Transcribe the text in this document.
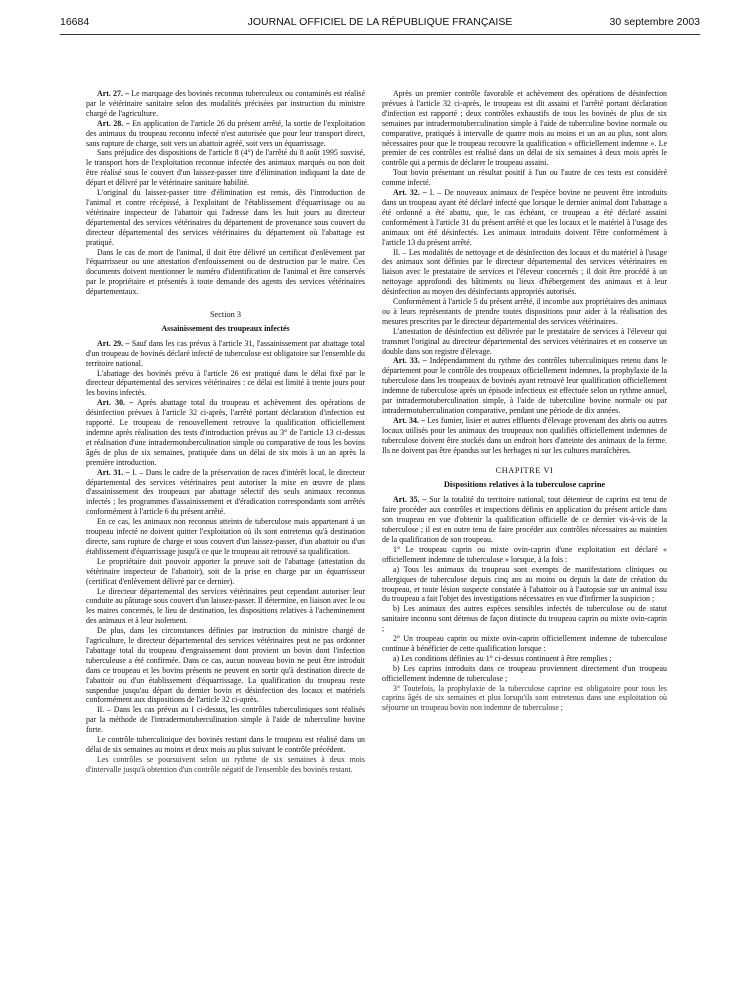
16684	JOURNAL OFFICIEL DE LA RÉPUBLIQUE FRANÇAISE	30 septembre 2003

Art. 27. – Le marquage des bovinés reconnus tuberculeux ou contaminés est réalisé par le vétérinaire sanitaire selon des modalités précisées par instruction du ministre chargé de l'agriculture.

Art. 28. – En application de l'article 26 du présent arrêté, la sortie de l'exploitation des animaux du troupeau reconnu infecté n'est autorisée que pour leur transport direct, sans rupture de charge, soit vers un abattoir agréé, soit vers un équarrissage.

Sans préjudice des dispositions de l'article 8 (4°) de l'arrêté du 8 août 1995 susvisé, le transport hors de l'exploitation reconnue infectée des animaux marqués ou non doit être réalisé sous le couvert d'un laissez-passer titre d'élimination indiquant la date de départ et délivré par le vétérinaire sanitaire habilité.

L'original du laissez-passer titre d'élimination est remis, dès l'introduction de l'animal et contre récépissé, à l'exploitant de l'établissement d'équarrissage ou au vétérinaire inspecteur de l'abattoir qui l'adresse dans les huit jours au directeur départemental des services vétérinaires du département de provenance sous couvert du directeur départemental des services vétérinaires du département où l'abattage est pratiqué.

Dans le cas de mort de l'animal, il doit être délivré un certificat d'enlèvement par l'équarrisseur ou une attestation d'enfouissement ou de destruction par le maire. Ces documents doivent mentionner le numéro d'identification de l'animal et être conservés par le propriétaire et présentés à toute demande des agents des services vétérinaires départementaux.

Section 3

Assainissement des troupeaux infectés

Art. 29. – Sauf dans les cas prévus à l'article 31, l'assainissement par abattage total d'un troupeau de bovinés déclaré infecté de tuberculose est obligatoire sur l'ensemble du territoire national.

L'abattage des bovinés prévu à l'article 26 est pratiqué dans le délai fixé par le directeur départemental des services vétérinaires : ce délai est limité à trente jours pour les bovins infectés.

Art. 30. – Après abattage total du troupeau et achèvement des opérations de désinfection prévues à l'article 32 ci-après, l'arrêté portant déclaration d'infection est rapporté. Le troupeau de renouvellement retrouve la qualification officiellement indemne après réalisation des tests d'introduction prévus au 3° de l'article 13 ci-dessus et réalisation d'une intradermotuberculination simple ou comparative de tous les bovins âgés de plus de six semaines, pratiquée dans un délai de six mois à un an après la première introduction.

Art. 31. – I. – Dans le cadre de la préservation de races d'intérêt local, le directeur départemental des services vétérinaires peut autoriser la mise en œuvre de plans d'assainissement des troupeaux par abattage sélectif des seuls animaux reconnus infectés ; les programmes d'assainissement et d'éradication correspondants sont arrêtés conformément à l'article 6 du présent arrêté.

En ce cas, les animaux non reconnus atteints de tuberculose mais appartenant à un troupeau infecté ne doivent quitter l'exploitation où ils sont entretenus qu'à destination directe, sans rupture de charge et sous couvert d'un laissez-passer, d'un abattoir ou d'un établissement d'équarrissage jusqu'à ce que le troupeau ait retrouvé sa qualification.

Le propriétaire doit pouvoir apporter la preuve soit de l'abattage (attestation du vétérinaire inspecteur de l'abattoir), soit de la prise en charge par un équarrisseur (certificat d'enlèvement délivré par ce dernier).

Le directeur départemental des services vétérinaires peut cependant autoriser leur conduite au pâturage sous couvert d'un laissez-passer. Il détermine, en liaison avec le ou les maires concernés, le lieu de destination, les dispositions relatives à l'acheminement des animaux et à leur isolement.

De plus, dans les circonstances définies par instruction du ministre chargé de l'agriculture, le directeur départemental des services vétérinaires peut ne pas ordonner l'abattage total du troupeau d'engraissement dont provient un bovin dont l'infection tuberculeuse a été confirmée. Dans ce cas, aucun nouveau bovin ne peut être introduit dans ce troupeau et les bovins présents ne peuvent en sortir qu'à destination directe de l'abattoir ou d'un établissement d'équarrissage. La qualification du troupeau reste suspendue jusqu'au départ du dernier bovin et désinfection des locaux et matériels conformément aux dispositions de l'article 32 ci-après.

II. – Dans les cas prévus au I ci-dessus, les contrôles tuberculiniques sont réalisés par la méthode de l'intradermotuberculination simple à l'aide de tuberculine bovine forte.

Le contrôle tuberculinique des bovinés restant dans le troupeau est réalisé dans un délai de six semaines au moins et deux mois au plus suivant le contrôle précédent.

Les contrôles se poursuivent selon un rythme de six semaines à deux mois d'intervalle jusqu'à obtention d'un contrôle négatif de l'ensemble des bovinés restant.

Après un premier contrôle favorable et achèvement des opérations de désinfection prévues à l'article 32 ci-après, le troupeau est dit assaini et l'arrêté portant déclaration d'infection est rapporté ; deux contrôles exhaustifs de tous les bovinés de plus de six semaines par intradermotuberculination simple à l'aide de tuberculine bovine normale ou comparative, pratiqués à intervalle de quatre mois au moins et un an au plus, sont alors nécessaires pour que le troupeau recouvre la qualification « officiellement indemne ». Le premier de ces contrôles est réalisé dans un délai de six semaines à deux mois après le contrôle qui a permis de déclarer le troupeau assaini.

Tout bovin présentant un résultat positif à l'un ou l'autre de ces tests est considéré comme infecté.

Art. 32. – I. – De nouveaux animaux de l'espèce bovine ne peuvent être introduits dans un troupeau ayant été déclaré infecté que lorsque le dernier animal dont l'abattage a été ordonné a été abattu, que, le cas échéant, ce troupeau a été déclaré assaini conformément à l'article 31 du présent arrêté et que les locaux et le matériel à l'usage des animaux ont été désinfectés. Les animaux introduits doivent l'être conformément à l'article 13 du présent arrêté.

II. – Les modalités de nettoyage et de désinfection des locaux et du matériel à l'usage des animaux sont définies par le directeur départemental des services vétérinaires en liaison avec le prestataire de services et l'éleveur concernés ; il doit être procédé à un nettoyage approfondi des bâtiments ou lieux d'hébergement des animaux et à leur désinfection au moyen des désinfectants appropriés autorisés.

Conformément à l'article 5 du présent arrêté, il incombe aux propriétaires des animaux ou à leurs représentants de prendre toutes dispositions pour aider à la réalisation des mesures prescrites par le directeur départemental des services vétérinaires.

L'attestation de désinfection est délivrée par le prestataire de services à l'éleveur qui transmet l'original au directeur départemental des services vétérinaires et en conserve un double dans son registre d'élevage.

Art. 33. – Indépendamment du rythme des contrôles tuberculiniques retenu dans le département pour le contrôle des troupeaux officiellement indemnes, la prophylaxie de la tuberculose dans les troupeaux de bovinés ayant retrouvé leur qualification officiellement indemne de tuberculose après un épisode infectieux est effectuée selon un rythme annuel, par intradermotuberculination simple, à l'aide de tuberculine bovine normale ou par intradermotuberculination comparative, pendant une période de dix années.

Art. 34. – Les fumier, lisier et autres effluents d'élevage provenant des abris ou autres locaux utilisés pour les animaux des troupeaux non qualifiés officiellement indemnes de tuberculose doivent être stockés dans un endroit hors d'atteinte des animaux de la ferme. Ils ne doivent pas être épandus sur les herbages ni sur les cultures maraîchères.

CHAPITRE VI

Dispositions relatives à la tuberculose caprine

Art. 35. – Sur la totalité du territoire national, tout détenteur de caprins est tenu de faire procéder aux contrôles et inspections définis en application du présent article dans son troupeau en vue d'obtenir la qualification officielle de ce dernier vis-à-vis de la tuberculose ; il est en outre tenu de faire procéder aux contrôles nécessaires au maintien de la qualification de son troupeau.

1° Le troupeau caprin ou mixte ovin-caprin d'une exploitation est déclaré « officiellement indemne de tuberculose » lorsque, à la fois :

a) Tous les animaux du troupeau sont exempts de manifestations cliniques ou allergiques de tuberculose depuis cinq ans au moins ou depuis la date de création du troupeau, et toute lésion suspecte constatée à l'abattoir ou à l'autopsie sur un animal issu du troupeau a fait l'objet des investigations nécessaires en vue d'infirmer la suspicion ;

b) Les animaux des autres espèces sensibles infectés de tuberculose ou de statut sanitaire inconnu sont détenus de façon distincte du troupeau caprin ou mixte ovin-caprin ;

2° Un troupeau caprin ou mixte ovin-caprin officiellement indemne de tuberculose continue à bénéficier de cette qualification lorsque :

a) Les conditions définies au 1° ci-dessus continuent à être remplies ;

b) Les caprins introduits dans ce troupeau proviennent directement d'un troupeau officiellement indemne de tuberculose ;

3° Toutefois, la prophylaxie de la tuberculose caprine est obligatoire pour tous les caprins âgés de six semaines et plus lorsqu'ils sont entretenus dans une exploitation où séjourne un troupeau bovin non indemne de tuberculose ;
